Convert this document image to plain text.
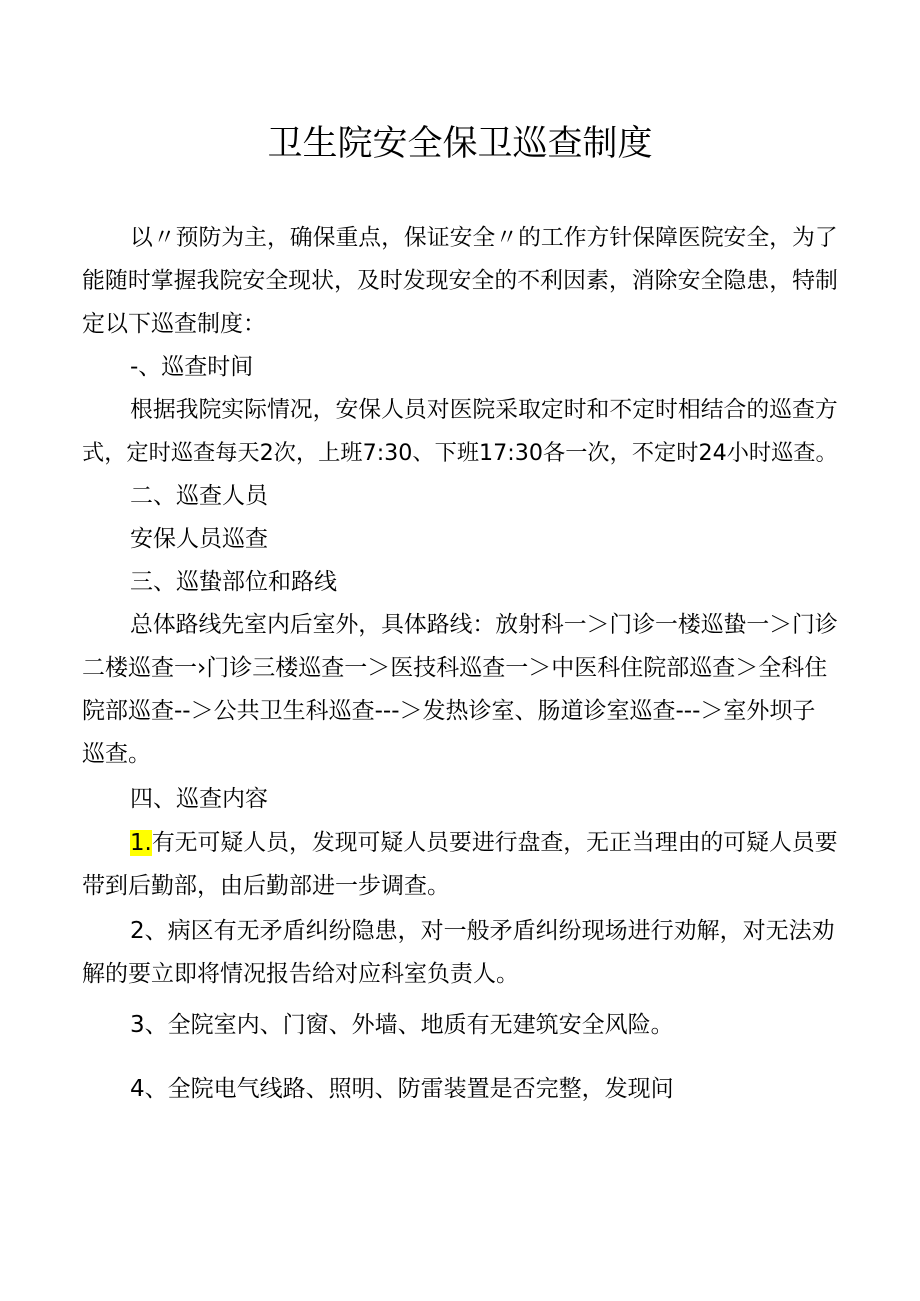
卫生院安全保卫巡查制度

以〃预防为主，确保重点，保证安全〃的工作方针保障医院安全，为了

能随时掌握我院安全现状，及时发现安全的不利因素，消除安全隐患，特制

定以下巡查制度：

-、巡查时间

根据我院实际情况，安保人员对医院采取定时和不定时相结合的巡查方

式，定时巡查每天2次，上班7:30、下班17:30各一次，不定时24小时巡查。

二、巡查人员

安保人员巡查

三、巡蛰部位和路线

总体路线先室内后室外，具体路线：放射科一＞门诊一楼巡蛰一＞门诊

二楼巡查一›门诊三楼巡查一＞医技科巡查一＞中医科住院部巡查＞全科住

院部巡查--＞公共卫生科巡查---＞发热诊室、肠道诊室巡查---＞室外坝子

巡查。

四、巡查内容

1.有无可疑人员，发现可疑人员要进行盘查，无正当理由的可疑人员要

带到后勤部，由后勤部进一步调查。

2、病区有无矛盾纠纷隐患，对一般矛盾纠纷现场进行劝解，对无法劝

解的要立即将情况报告给对应科室负责人。

3、全院室内、门窗、外墙、地质有无建筑安全风险。

4、全院电气线路、照明、防雷装置是否完整，发现问
